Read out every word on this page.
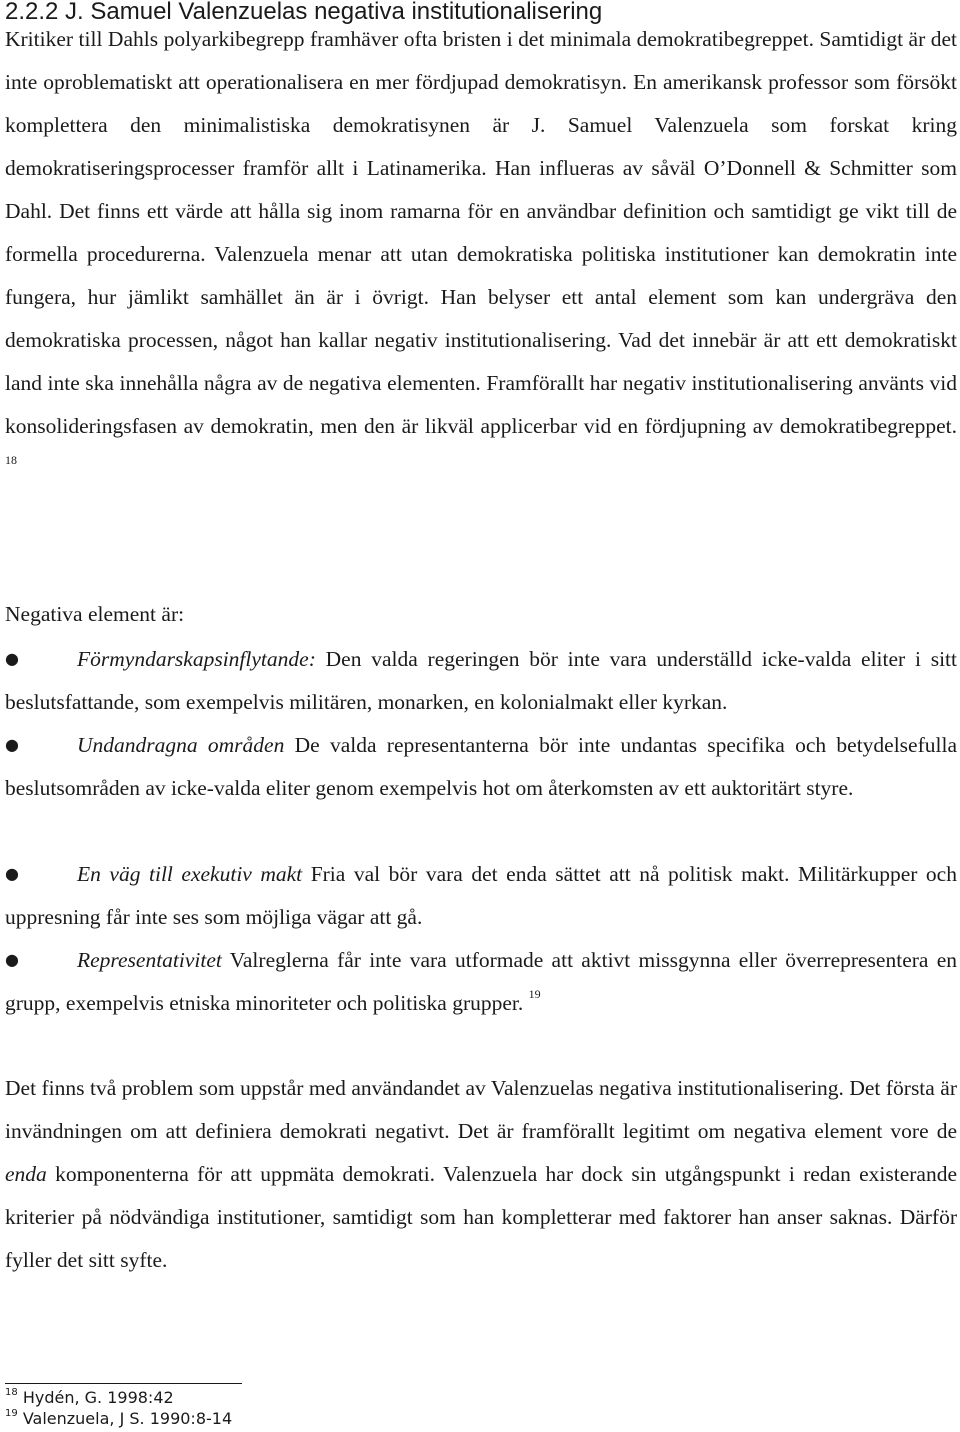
2.2.2 J. Samuel Valenzuelas negativa institutionalisering

Kritiker till Dahls polyarkibegrepp framhäver ofta bristen i det minimala demokratibegreppet. Samtidigt är det inte oproblematiskt att operationalisera en mer fördjupad demokratisyn. En amerikansk professor som försökt komplettera den minimalistiska demokratisynen är J. Samuel Valenzuela som forskat kring demokratiseringsprocesser framför allt i Latinamerika. Han influeras av såväl O’Donnell & Schmitter som Dahl. Det finns ett värde att hålla sig inom ramarna för en användbar definition och samtidigt ge vikt till de formella procedurerna. Valenzuela menar att utan demokratiska politiska institutioner kan demokratin inte fungera, hur jämlikt samhället än är i övrigt. Han belyser ett antal element som kan undergräva den demokratiska processen, något han kallar negativ institutionalisering. Vad det innebär är att ett demokratiskt land inte ska innehålla några av de negativa elementen. Framförallt har negativ institutionalisering använts vid konsolideringsfasen av demokratin, men den är likväl applicerbar vid en fördjupning av demokratibegreppet. $^{18}$

Negativa element är:

●	Förmyndarskapsinflytande: Den valda regeringen bör inte vara underställd icke-valda eliter i sitt beslutsfattande, som exempelvis militären, monarken, en kolonialmakt eller kyrkan.

●	Undandragna områden De valda representanterna bör inte undantas specifika och betydelsefulla beslutsområden av icke-valda eliter genom exempelvis hot om återkomsten av ett auktoritärt styre.

●	En väg till exekutiv makt Fria val bör vara det enda sättet att nå politisk makt. Militärkupper och uppresning får inte ses som möjliga vägar att gå.

●	Representativitet Valreglerna får inte vara utformade att aktivt missgynna eller överrepresentera en grupp, exempelvis etniska minoriteter och politiska grupper. $^{19}$

Det finns två problem som uppstår med användandet av Valenzuelas negativa institutionalisering. Det första är invändningen om att definiera demokrati negativt. Det är framförallt legitimt om negativa element vore de enda komponenterna för att uppmäta demokrati. Valenzuela har dock sin utgångspunkt i redan existerande kriterier på nödvändiga institutioner, samtidigt som han kompletterar med faktorer han anser saknas. Därför fyller det sitt syfte.

$^{18}$ Hydén, G. 1998:42

$^{19}$ Valenzuela, J S. 1990:8-14
